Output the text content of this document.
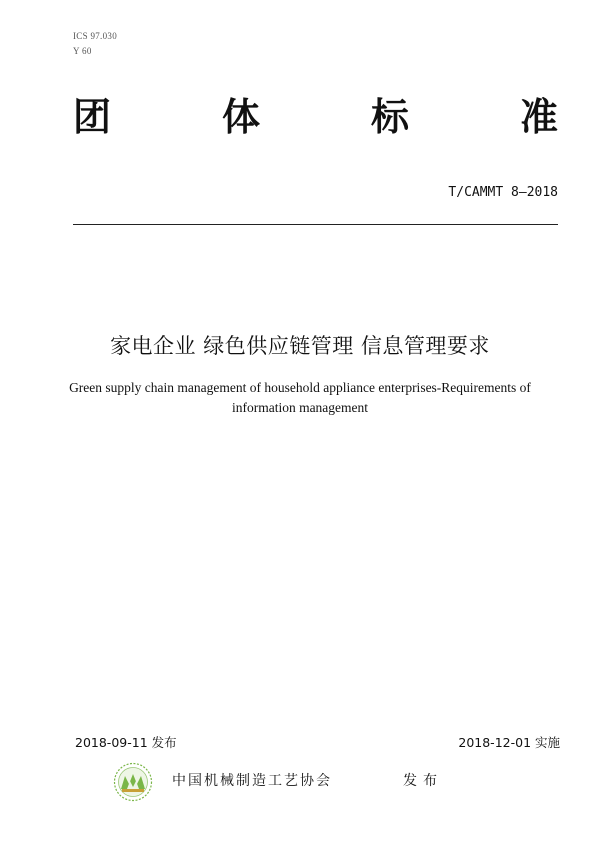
ICS 97.030
Y 60
团	体	标	准
T/CAMMT 8—2018
家电企业 绿色供应链管理 信息管理要求
Green supply chain management of household appliance enterprises-Requirements of
information management
2018-09-11 发布	2018-12-01 实施
中国机械制造工艺协会	发布
